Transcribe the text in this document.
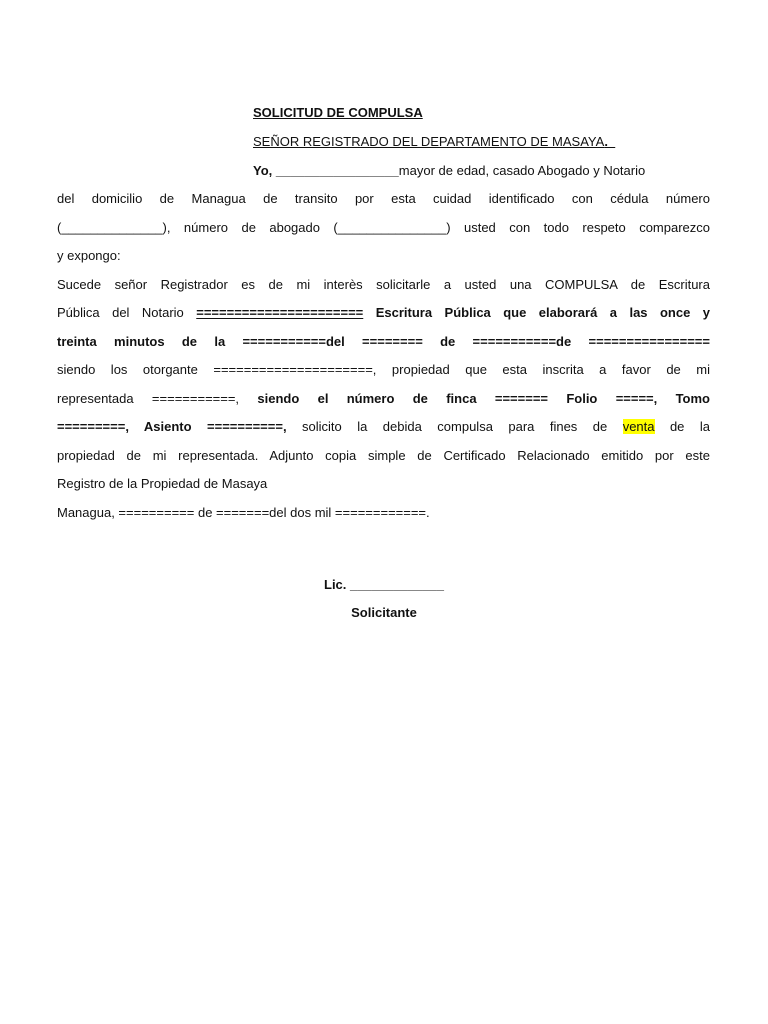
SOLICITUD DE COMPULSA
SEÑOR REGISTRADO DEL DEPARTAMENTO DE MASAYA._
Yo, _________________mayor de edad, casado Abogado y Notario
del domicilio de Managua de transito por esta cuidad identificado con cédula número
(______________), número de abogado (_______________) usted con todo respeto comparezco
y expongo:
Sucede señor Registrador es de mi interès solicitarle a usted una COMPULSA de Escritura
Pública del Notario ====================== Escritura Pública que elaborará a las once y
treinta minutos de la ===========del ======== de ===========de ================
siendo los otorgante =====================, propiedad que esta inscrita a favor de mi
representada ===========, siendo el número de finca ======= Folio =====, Tomo
=========, Asiento ==========, solicito la debida compulsa para fines de venta de la
propiedad de mi representada. Adjunto copia simple de Certificado Relacionado emitido por este
Registro de la Propiedad de Masaya
Managua, ========== de =======del dos mil ============.
Lic. _____________
Solicitante
